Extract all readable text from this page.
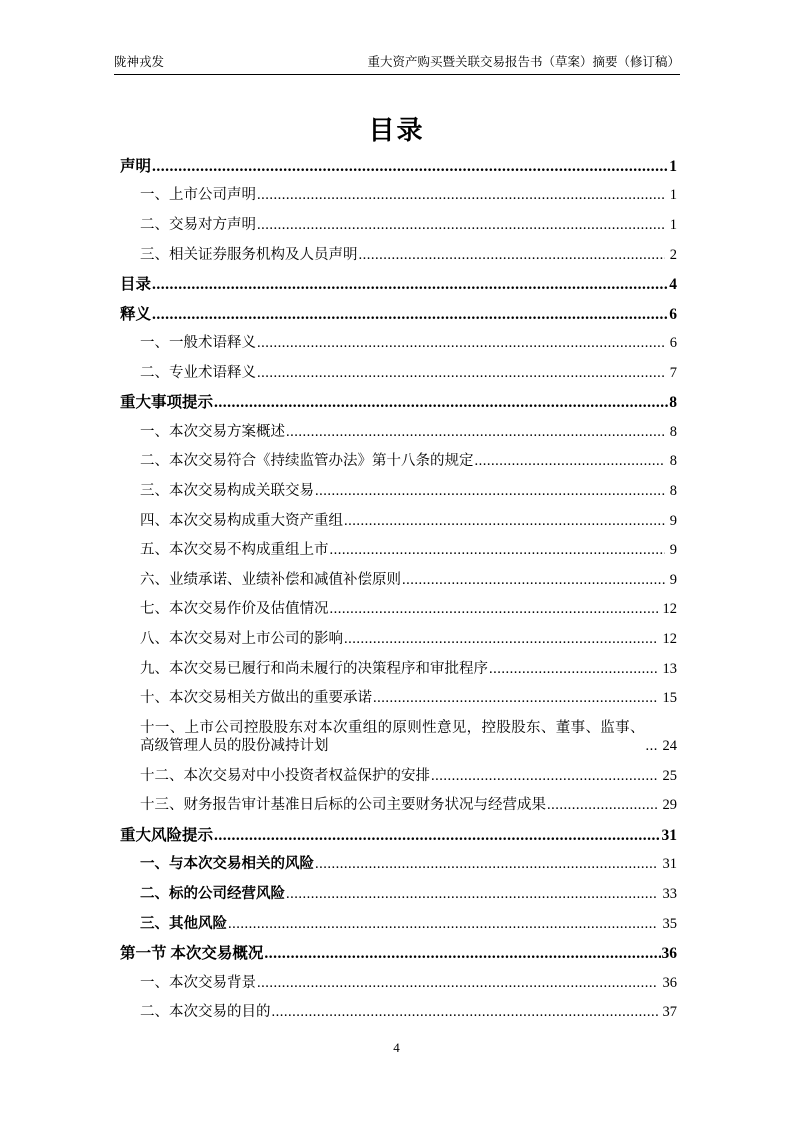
陇神戎发	重大资产购买暨关联交易报告书（草案）摘要（修订稿）
目录
声明 .....	1
一、上市公司声明 .....	1
二、交易对方声明 .....	1
三、相关证券服务机构及人员声明 .....	2
目录 .....	4
释义 .....	6
一、一般术语释义 .....	6
二、专业术语释义 .....	7
重大事项提示 .....	8
一、本次交易方案概述 .....	8
二、本次交易符合《持续监管办法》第十八条的规定 .....	8
三、本次交易构成关联交易 .....	8
四、本次交易构成重大资产重组 .....	9
五、本次交易不构成重组上市 .....	9
六、业绩承诺、业绩补偿和减值补偿原则 .....	9
七、本次交易作价及估值情况 .....	12
八、本次交易对上市公司的影响 .....	12
九、本次交易已履行和尚未履行的决策程序和审批程序 .....	13
十、本次交易相关方做出的重要承诺 .....	15
十一、上市公司控股股东对本次重组的原则性意见，控股股东、董事、监事、高级管理人员的股份减持计划 .....	24
十二、本次交易对中小投资者权益保护的安排 .....	25
十三、财务报告审计基准日后标的公司主要财务状况与经营成果 .....	29
重大风险提示 .....	31
一、与本次交易相关的风险 .....	31
二、标的公司经营风险 .....	33
三、其他风险 .....	35
第一节 本次交易概况 .....	36
一、本次交易背景 .....	36
二、本次交易的目的 .....	37
4
